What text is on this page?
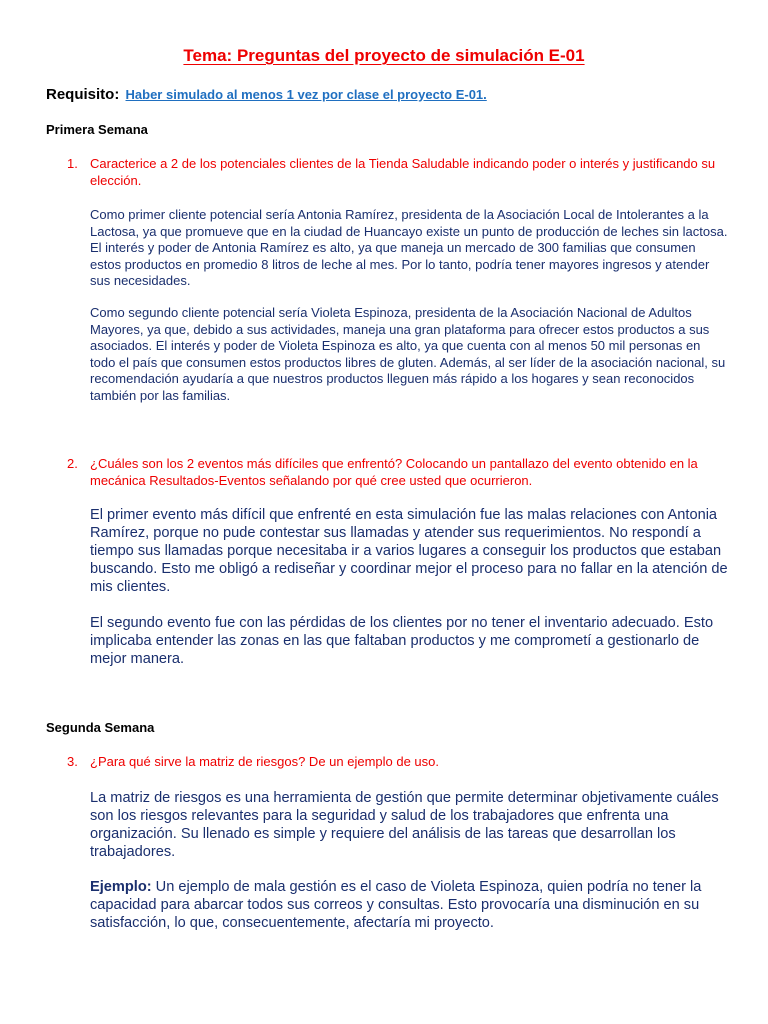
Tema: Preguntas del proyecto de simulación E-01
Requisito: Haber simulado al menos 1 vez por clase el proyecto E-01.
Primera Semana
1. Caracterice a 2 de los potenciales clientes de la Tienda Saludable indicando poder o interés y justificando su elección.
Como primer cliente potencial sería Antonia Ramírez, presidenta de la Asociación Local de Intolerantes a la Lactosa, ya que promueve que en la ciudad de Huancayo existe un punto de producción de leches sin lactosa. El interés y poder de Antonia Ramírez es alto, ya que maneja un mercado de 300 familias que consumen estos productos en promedio 8 litros de leche al mes. Por lo tanto, podría tener mayores ingresos y atender sus necesidades.
Como segundo cliente potencial sería Violeta Espinoza, presidenta de la Asociación Nacional de Adultos Mayores, ya que, debido a sus actividades, maneja una gran plataforma para ofrecer estos productos a sus asociados. El interés y poder de Violeta Espinoza es alto, ya que cuenta con al menos 50 mil personas en todo el país que consumen estos productos libres de gluten. Además, al ser líder de la asociación nacional, su recomendación ayudaría a que nuestros productos lleguen más rápido a los hogares y sean reconocidos también por las familias.
2. ¿Cuáles son los 2 eventos más difíciles que enfrentó? Colocando un pantallazo del evento obtenido en la mecánica Resultados-Eventos señalando por qué cree usted que ocurrieron.
El primer evento más difícil que enfrenté en esta simulación fue las malas relaciones con Antonia Ramírez, porque no pude contestar sus llamadas y atender sus requerimientos. No respondí a tiempo sus llamadas porque necesitaba ir a varios lugares a conseguir los productos que estaban buscando. Esto me obligó a rediseñar y coordinar mejor el proceso para no fallar en la atención de mis clientes.
El segundo evento fue con las pérdidas de los clientes por no tener el inventario adecuado. Esto implicaba entender las zonas en las que faltaban productos y me comprometí a gestionarlo de mejor manera.
Segunda Semana
3. ¿Para qué sirve la matriz de riesgos? De un ejemplo de uso.
La matriz de riesgos es una herramienta de gestión que permite determinar objetivamente cuáles son los riesgos relevantes para la seguridad y salud de los trabajadores que enfrenta una organización. Su llenado es simple y requiere del análisis de las tareas que desarrollan los trabajadores.
Ejemplo: Un ejemplo de mala gestión es el caso de Violeta Espinoza, quien podría no tener la capacidad para abarcar todos sus correos y consultas. Esto provocaría una disminución en su satisfacción, lo que, consecuentemente, afectaría mi proyecto.
